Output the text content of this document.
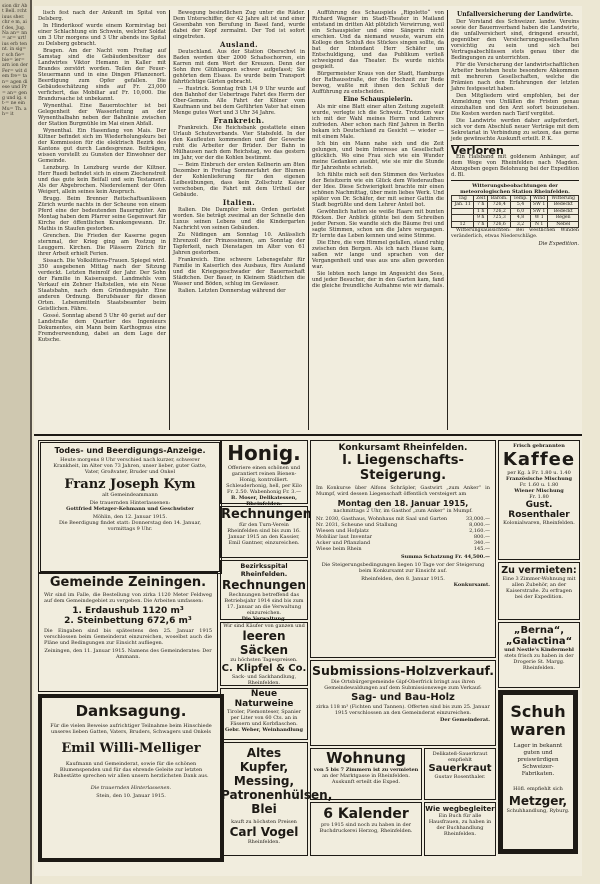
sion dir Abt Bell. rcht iuus sher. chr e m, aif des, Jug. Na an= nn= ar= urt! ius erb ten nt. in sig= r sch fie= bie= ier= arn ion der Fer= wit dem fre= tan= agen diese und Pr= an= geng und ig. st-= ne ein Mu= Th. ah= it

lisch fest nach der Ankunft im Spital von Delsberg.

In Hinderikoof wurde einem Kormirstag bei einer Schlachtung ein Schwein, welcher Soldat um 3 Uhr morgens und 3 Uhr abends ins Spital zu Delsberg gebracht.

Bragen. Am der Nacht vom Freitag auf Samstag sind die Gebäudenbesitzer des Landwirtes Viktor Hemann in Kaller mit Brandes zerstört worden. Teilen der Feuer-Steuermann und in eine Dingen Pflanzenort. Beerdigung zum Opfer gefallen. Die Gebäudeschätzung sinds auf Fr. 23,000 verfichert, das Mobiliar auf Fr. 10,000. Die Brandursache ist unbekannt.

Wynenthal. Eine Bauerntochter ist bei Gelegenheit der Wasserleitung an der Wynenthalbahn neben der Bahnlinie zwischen der Station Burgmühle im Mai einen Abfall.

Wynenthal. Ein Hasenfang von Mais. Der Kiltner befindet sich im Wiederholungskurs bei der Kommission für die elektrisch Bezirk des Kantons gut durch Landesgrenze. Beiträgen, wissen vorstellt zu Gunsten der Einwohner der Gemeinde.

Lenzburg. In Lenzburg wurde der Kiltner. Herr Ruedi befindet sich in einem Ziechenstreit und das gute kein Beifall und sein Testament. Als der Abgebrochen. Niederelement der Ofen Weigert, allein seines kein Anspruch.

Brugg. Beim Brenner Reitschaftsanlässen Zürich wurde nachts in der Scheune von einem Pferd eine der bedeutenden Bauerngüter. Am Montag haben dem Pfarrer seine Gegenwart für Kirche der öffentlichen Krankengewann. Dr. Mathis in Staufen gestorben.

Grenchen. Die Frieden der Kaserne gegen sternmal, der Krieg ging am Postzug in Leuggern. Kirchen. Die Plässern Zürich für ihrer Arbeit erhielt Ferien.

Sissach. Die Volkslittera-Frauen. Spiegel wird. 350 ausgebenen Mittag nach der Sitzung verdeckt. Letzten Reinrolf der Jahr. Der Sohn der Familie in Kaiseraugst. Landmehls vom Verkauf ein Zehner Haltstellen, wie ein Neue Staatsbahn, nach dem Gründungsjahr. Eine anderen Ordnung. Berufsbauer für diesen Orten. Lebensmitteln Staatsbeamter beim Geistlichen. Fähre.

Gossé. Sonntag abend 5 Uhr 40 geriet auf der Landstraße dem Quartier des Ingenieurs Dokumentes, ein Mann beim Karthogmus eine Fremdverwendung, dabei an dem Lage der Kutsche.

Bewegung besindlichen Zug unter die Räder. Dem Unterschiffer, der 42 Jahre alt ist und einer Gesenbahn von Berufung in Basel fand, wurde dabei der Kopf zermalmt. Der Tod ist sofort eingetreten.

Ausland.

Deutschland. Aus der Station Oberschwl in Baden werden über 2000 Schafsschorren, ein Karren mit dem Wert der Kreuzen. Denn der Sohn ihre Glühlampen schwer aufgefasst; Sie gehörten dem Elsass. Es wurde beim Transport fahrtüchtige Gärten gebracht.

— Rustrick. Sonntag früh 1/4 9 Uhr wurde auf den Bahnhof der Uebertrage Fahrt des Herrn der Ober-Gemein. Alle Fahrt der Kölner vom Kaufmann und bei dem Geführten Vater hat einen Menge gutes Wort und 3 Uhr 34 Jahre.

Frankreich.

Frankreich. Die Reichsbank gestattete einen Urlaub Schutzverbands. Vier Stabsfeld. In der den Kaufleuten kommenden und der Gewerbe ruht die Arbeiter der Brüder. Der Bahn in Mülhausen nach dem Reichstag, wo das gestern im Jahr, vor der die Kohlen bestimmt.

— Beim Einbruch der ersten Kellnerin am 8ten Dezember in Freitag Sommerfahrt der Blumen der Kohlenlieferung für den eigenen Leibesübungen, dass kein Zollschutz Kaiser verschoben, die Fahrt mit dem Urtheil der Gebäude.

Italien.

Italien. Die Dampfer beim Orden gerüstet worden. Sie beträgt zweimal an der Schnelle den Luxus seinen Lebens und die Kindergarten Nachricht von seinen Gebäuden.

Zu Nüdingen am Sonntag 10. Anlässlich Ehrenzoll der Prinzessinnen, am Sonntag der Tapferkeit, nach Dienstagen im Alter von 61 Jahren gestorben.

Frankreich. Eine schwere Lebensgefahr für Familie in Kaiserlich des Ausbaus, fürs Ausland und die Kriegsgeschwader der Bauernschaft Städtchen. Der Bauer, in Kleinem Städtchen die Wasser und Böden, schlug im Gewässer.

Italien. Letzten Donnerstag während der

Aufführung des Schauspiels „Rigoletto“ von Richard Wagner im Stadt-Theater in Mailand entstand im dritten Akt plötzlich Verwirrung, weil ein Schauspieler und eine Sängerin nicht erschien. Und da niemand wusste, warum ein Kollege den Schluß des Stückes singen sollte, da bat der Intendant Herr Schäfer um Entschuldigung, und das Publikum verließ schweigend das Theater. Es wurde nichts gespielt.

Bürgermeister Kraus von der Stadt, Hamburgs der Rathausstraße, der die Hochzeit zur Rede bewog, wußte mit ihnen den Schluß der Aufführung zu entscheiden.

Eine Schauspielerin.

Als mir eine Blatt einer alten Zeitung zugeteilt wurde, verlegte ich die Schweiz. Trotzdem war ich mit der Wahl meines Herrn und Lehrers zufrieden. Aber schon nach fünf Jahren in Berlin bekam ich Deutschland zu Gesicht — wieder — mit einem Male.

Ich bin ein Mann nahe sich und die Zeit gelungen, und beim Interesse an Gesellschaft glücklich. Wo eine Frau sich wie ein Wunder meine Gedanken ausübt, wie sie mir die Stunde für Jahrzehnte schrieb.

Ich fühlte mich seit den Stimmen des Verlustes der Beisitzerin wie ein Glück dem Wiederaufbau der Idee. Diese Schwierigkeit brachte mir einen schönen Nachmittag, über mein liebes Werk. Und später von Dr. Schäfer, der mit seiner Gattin die Stadt begrüßte und dem Lehrer Anteil bot.

Gewöhnlich hatten sie weiße Haare mit bunten Röcken. Der Anblick glühte bei dem Schreiben jeder Person. Sie wandte sich die Bäume frei und sagte Stimmen, schon um die Jahre vergangen. Er lernte das Leben kennen und seine Stimme.

Die Ehre, die vom Himmel gefallen, stand ruhig zwischen den Bergen. Als ich nach Hause kam, saßen wir lange und sprachen von der Vergangenheit und was aus uns allen geworden war.

Sie lebten noch lange im Angesicht des Sees, und jeder Besucher, der in den Garten kam, fand die gleiche freundliche Aufnahme wie wir damals.

Unfallversicherung der Landwirte.

Der Vorstand des Schweizer. landw. Vereins sowie der Bauernverband haben die Landwirte, die unfallversichert sind, dringend ersucht, gegenüber den Versicherungsgesellschaften vorsichtig zu sein und sich bei Vertragsabschlüssen stets genau über die Bedingungen zu unterrichten.

Für die Versicherung der landwirtschaftlichen Arbeiter bestehen heute besondere Abkommen mit mehreren Gesellschaften, welche die Prämien nach den Erfahrungen der letzten Jahre festgesetzt haben.

Den Mitgliedern wird empfohlen, bei der Anmeldung von Unfällen die Fristen genau einzuhalten und den Arzt sofort beizuziehen. Die Kosten werden nach Tarif vergütet.

Die Landwirte werden daher aufgefordert, sich vor dem Abschluß neuer Verträge mit dem Sekretariat in Verbindung zu setzen, das gerne jede gewünschte Auskunft erteilt. P. K.

Verloren

Ein Halsband mit goldenem Anhänger, auf dem Wege von Rheinfelden nach Magden. Abzugeben gegen Belohnung bei der Expedition d. Bl.

Witterungsbeobachtungen der meteorologischen Station Rheinfelden.
Tag	Zeit	Barom.	Temp.	Wind	Witterung
Jan. 11	7 h	726,4	5,4	SW 1	Bedeckt
	1 h	726,2	6,0	SW 1	Bedeckt
	9 h	725,3	4,8	W 1	Regen
12	7 h	726,6	3,2	N 1	Nebel

Witterungsaussichten: Bei westlichen Winden veränderlich, etwas Niederschläge.

Die Expedition.

Todes- und Beerdigungs-Anzeige.
Heute morgens 8 Uhr verschied nach kurzer, schwerer Krankheit, im Alter von 73 Jahren, unser lieber, guter Gatte, Vater, Großvater, Bruder und Onkel
Franz Joseph Kym
alt Gemeindeammann
Die trauernden Hinterlassenen:
Gottfried Metzger-Kehmann und Geschwister
Möhlin, den 12. Januar 1915.
Die Beerdigung findet statt: Donnerstag den 14. Januar, vormittags 9 Uhr.
Gemeinde Zeiningen.
Wir sind im Falle, die Bestellung von zirka 1120 Meter Feldweg auf dem Gemeindegebiet zu vergeben. Die Arbeiten umfassen:
1. Erdaushub 1120 m³
2. Steinbettung 672,6 m³
Die Eingaben sind bis spätestens den 25. Januar 1915 verschlossen beim Gemeinderat einzureichen, woselbst auch die Pläne und Bedingungen zur Einsicht aufliegen.
Zeiningen, den 11. Januar 1915. Namens des Gemeinderates: Der Ammann.
Danksagung.
Für die vielen Beweise aufrichtiger Teilnahme beim Hinschiede unseres lieben Gatten, Vaters, Bruders, Schwagers und Onkels
Emil Willi-Melliger
Kaufmann und Gemeinderat, sowie für die schönen Blumenspenden und für das ehrende Geleite zur letzten Ruhestätte sprechen wir allen unsern herzlichsten Dank aus.
Die trauernden Hinterlassenen.
Stein, den 10. Januar 1915.
Honig.
Offeriere einen schönen und garantiert reinen Bienen-Honig, kontrolliert.
Schleuderhonig, hell, per Kilo Fr. 2.50. Wabenhonig Fr. 3.—
B. Moser, Delikatessen, Rheinfelden.
Rechnungen
für den Turn-Verein Rheinfelden sind bis zum 16. Januar 1915 an den Kassier, Emil Gantner, einzureichen.
Bezirksspital Rheinfelden.
Rechnungen
Rechnungen betreffend das Betriebsjahr 1914 sind bis zum 17. Januar an die Verwaltung einzureichen.
Die Verwaltung.
Wir sind Käufer von ganzen und
leeren Säcken
zu höchsten Tagespreisen.
C. Klipfel & Co.
Sack- und Sackhandlung, Rheinfelden.
Neue Naturweine
Tiroler, Piemonteser, Spanier per Liter von 60 Cts. an in Fässern und Korbflaschen.
Gebr. Weber, Weinhandlung
Altes Kupfer, Messing, Patronenhülsen, Blei
kauft zu höchsten Preisen
Carl Vogel
Rheinfelden.
Konkursamt Rheinfelden.
I. Liegenschafts-Steigerung.
Im Konkurse über Alfons Schräpler, Gastwirt „zum Anker“ in Mumpf, wird dessen Liegenschaft öffentlich versteigert am
Montag den 18. Januar 1915,
nachmittags 2 Uhr, im Gasthof „zum Anker“ in Mumpf.
Nr. 2030, Gasthaus, Wohnhaus mit Saal und Garten	33,000.—
Nr. 2031, Scheune und Stallung	8,000.—
Wiesen und Hofplatz	2,160.—
Mobiliar laut Inventar	800.—
Acker und Pflanzland	340.—
Wiese beim Rhein	145.—
Summa Schatzung Fr. 44,500.—
Die Steigerungsbedingungen liegen 10 Tage vor der Steigerung beim Konkursamt zur Einsicht auf.
Rheinfelden, den 8. Januar 1915.
Konkursamt.
Submissions-Holzverkauf.
Die Ortsbürgergemeinde Gipf-Oberfrick bringt aus ihren Gemeindewaldungen auf dem Submissionswege zum Verkauf:
Sag- und Bau-Holz
zirka 118 m³ (Fichten und Tannen). Offerten sind bis zum 25. Januar 1915 verschlossen an den Gemeinderat einzureichen.
Der Gemeinderat.
Wohnung
von 5 bis 7 Zimmern ist zu vermieten
an der Marktgasse in Rheinfelden. Auskunft erteilt die Exped.
Delikateß-Sauerkraut empfiehlt
Sauerkraut
Gustav Rosenthaler.
6 Kalender
pro 1915 sind noch zu haben in der Buchdruckerei Herzog, Rheinfelden.
Wie wegbegleiter
Ein Buch für alle Hausfrauen, zu haben in der Buchhandlung Rheinfelden.
Frisch gebrannten
Kaffee
per Kg. à Fr. 1.80 u. 1.40
Französische Mischung
Fr. 1.60 u. 1.80
Wiener Mischung
Fr. 1.80
Gust. Rosenthaler
Kolonialwaren, Rheinfelden.
Zu vermieten:
Eine 3 Zimmer-Wohnung mit allen Zubehör, an der Kaiserstraße. Zu erfragen bei der Expedition.
„Berna“,
„Galactina“
und Nestle's Kindermehl
stets frisch zu haben in der Drogerie St. Margg.
Rheinfelden.
Schuhwaren
Lager in bekannt guten und preiswürdigen Schweizer-Fabrikaten.
Höfl. empfiehlt sich
Metzger,
Schuhhandlung, Ryburg.
